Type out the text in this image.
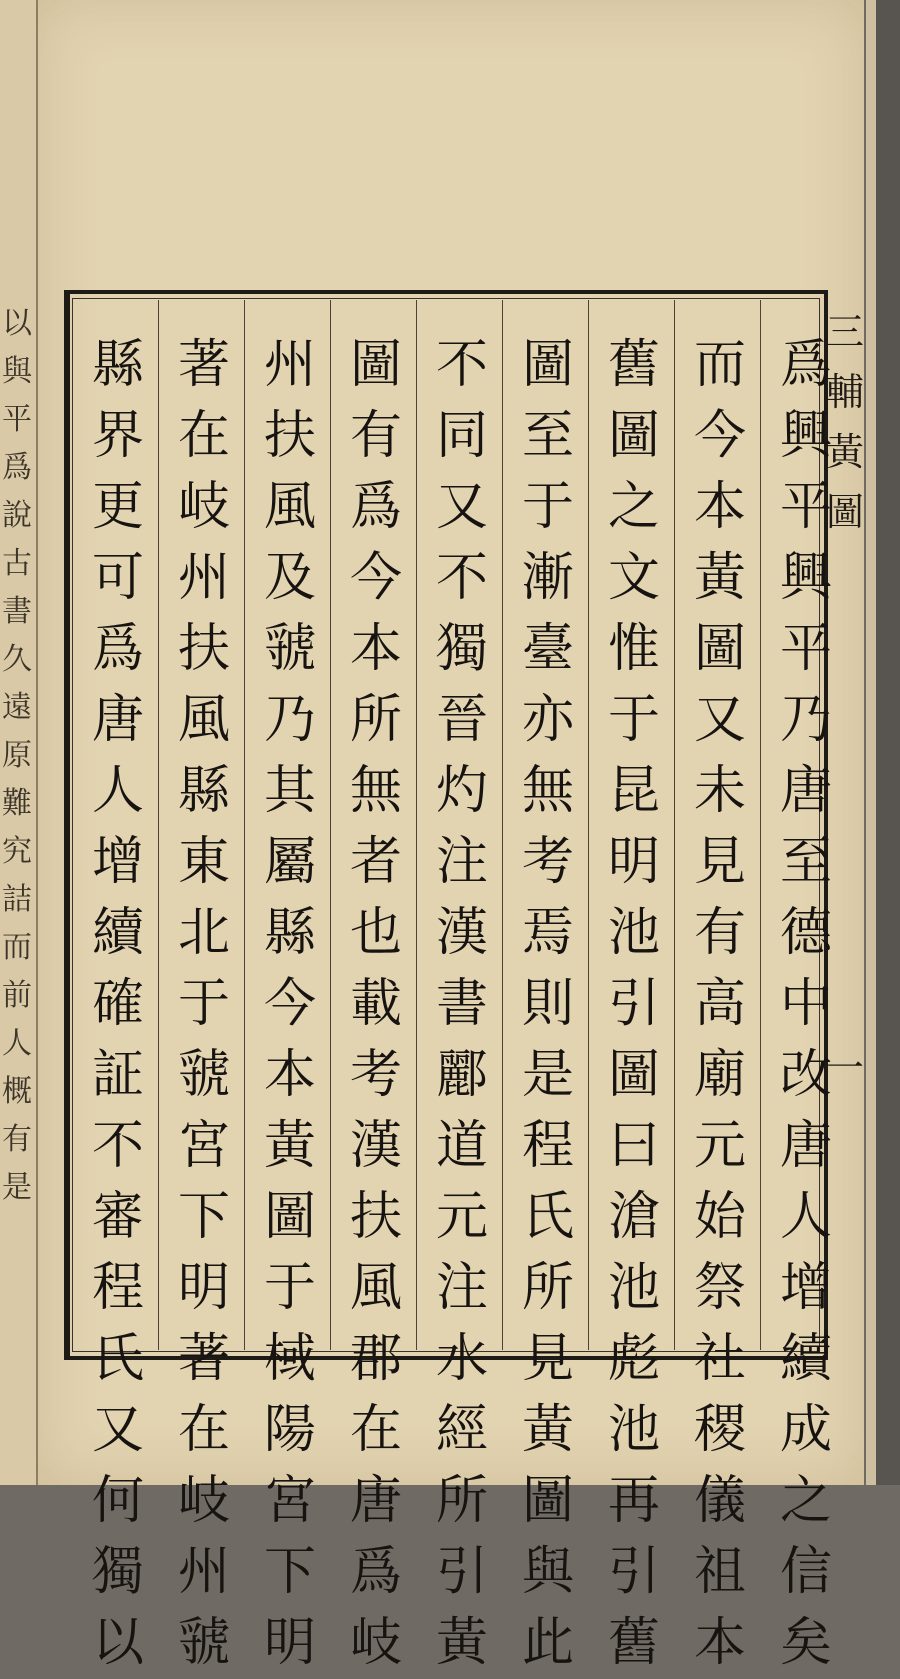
以與平爲說古書久遠原難究詰而前人概有是
三輔黃圖
一
爲興平興平乃唐至德中改唐人增續成之信矣
而今本黃圖又未見有高廟元始祭社稷儀祖本
舊圖之文惟于昆明池引圖曰滄池彪池再引舊
圖至于漸臺亦無考焉則是程氏所見黃圖與此
不同又不獨晉灼注漢書酈道元注水經所引黃
圖有爲今本所無者也載考漢扶風郡在唐爲岐
州扶風及虢乃其屬縣今本黃圖于棫陽宮下明
著在岐州扶風縣東北于虢宮下明著在岐州虢
縣界更可爲唐人增續確証不審程氏又何獨以
